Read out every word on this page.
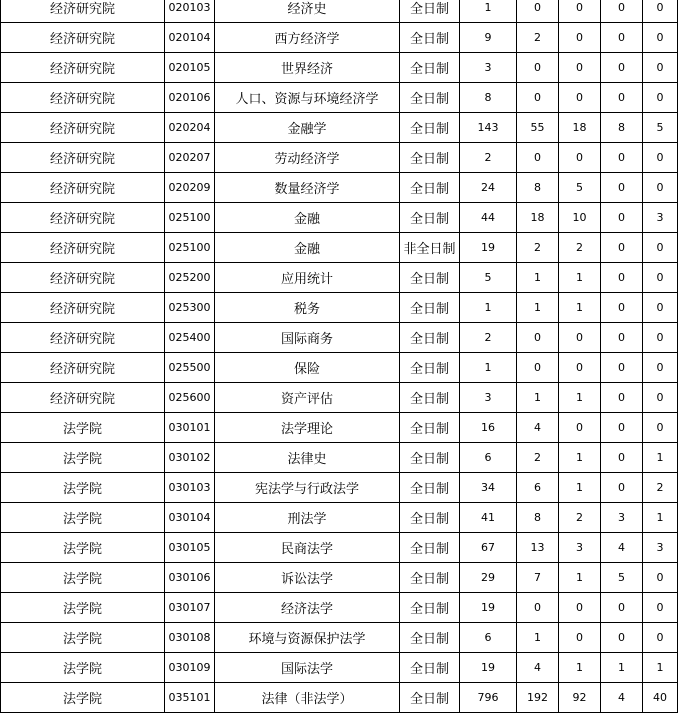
经济研究院	020103	经济史	全日制	1	0	0	0	0
经济研究院	020104	西方经济学	全日制	9	2	0	0	0
经济研究院	020105	世界经济	全日制	3	0	0	0	0
经济研究院	020106	人口、资源与环境经济学	全日制	8	0	0	0	0
经济研究院	020204	金融学	全日制	143	55	18	8	5
经济研究院	020207	劳动经济学	全日制	2	0	0	0	0
经济研究院	020209	数量经济学	全日制	24	8	5	0	0
经济研究院	025100	金融	全日制	44	18	10	0	3
经济研究院	025100	金融	非全日制	19	2	2	0	0
经济研究院	025200	应用统计	全日制	5	1	1	0	0
经济研究院	025300	税务	全日制	1	1	1	0	0
经济研究院	025400	国际商务	全日制	2	0	0	0	0
经济研究院	025500	保险	全日制	1	0	0	0	0
经济研究院	025600	资产评估	全日制	3	1	1	0	0
法学院	030101	法学理论	全日制	16	4	0	0	0
法学院	030102	法律史	全日制	6	2	1	0	1
法学院	030103	宪法学与行政法学	全日制	34	6	1	0	2
法学院	030104	刑法学	全日制	41	8	2	3	1
法学院	030105	民商法学	全日制	67	13	3	4	3
法学院	030106	诉讼法学	全日制	29	7	1	5	0
法学院	030107	经济法学	全日制	19	0	0	0	0
法学院	030108	环境与资源保护法学	全日制	6	1	0	0	0
法学院	030109	国际法学	全日制	19	4	1	1	1
法学院	035101	法律（非法学）	全日制	796	192	92	4	40
